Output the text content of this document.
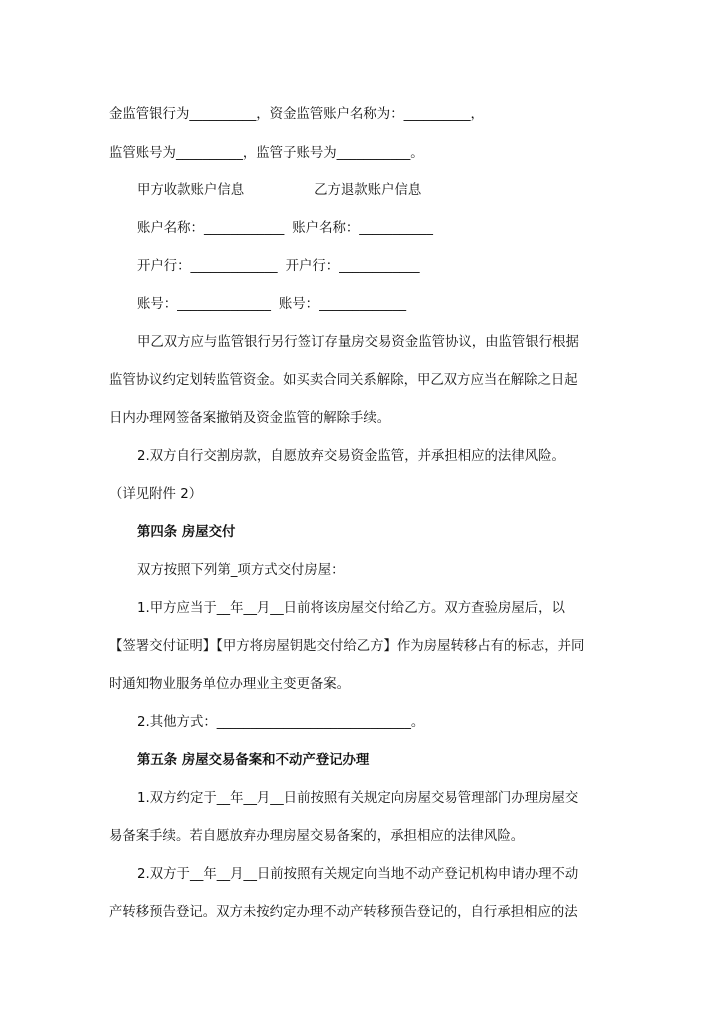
金监管银行为__________，资金监管账户名称为：__________，
监管账号为__________，监管子账号为___________。
甲方收款账户信息	乙方退款账户信息
账户名称：____________ 账户名称：___________
开户行：_____________ 开户行：____________
账号：______________ 账号：_____________
甲乙双方应与监管银行另行签订存量房交易资金监管协议，由监管银行根据
监管协议约定划转监管资金。如买卖合同关系解除，甲乙双方应当在解除之日起
日内办理网签备案撤销及资金监管的解除手续。
2.双方自行交割房款，自愿放弃交易资金监管，并承担相应的法律风险。
（详见附件 2）
第四条 房屋交付
双方按照下列第_项方式交付房屋：
1.甲方应当于__年__月__日前将该房屋交付给乙方。双方查验房屋后，以
【签署交付证明】【甲方将房屋钥匙交付给乙方】作为房屋转移占有的标志，并同
时通知物业服务单位办理业主变更备案。
2.其他方式：_____________________________。
第五条 房屋交易备案和不动产登记办理
1.双方约定于__年__月__日前按照有关规定向房屋交易管理部门办理房屋交
易备案手续。若自愿放弃办理房屋交易备案的，承担相应的法律风险。
2.双方于__年__月__日前按照有关规定向当地不动产登记机构申请办理不动
产转移预告登记。双方未按约定办理不动产转移预告登记的，自行承担相应的法
